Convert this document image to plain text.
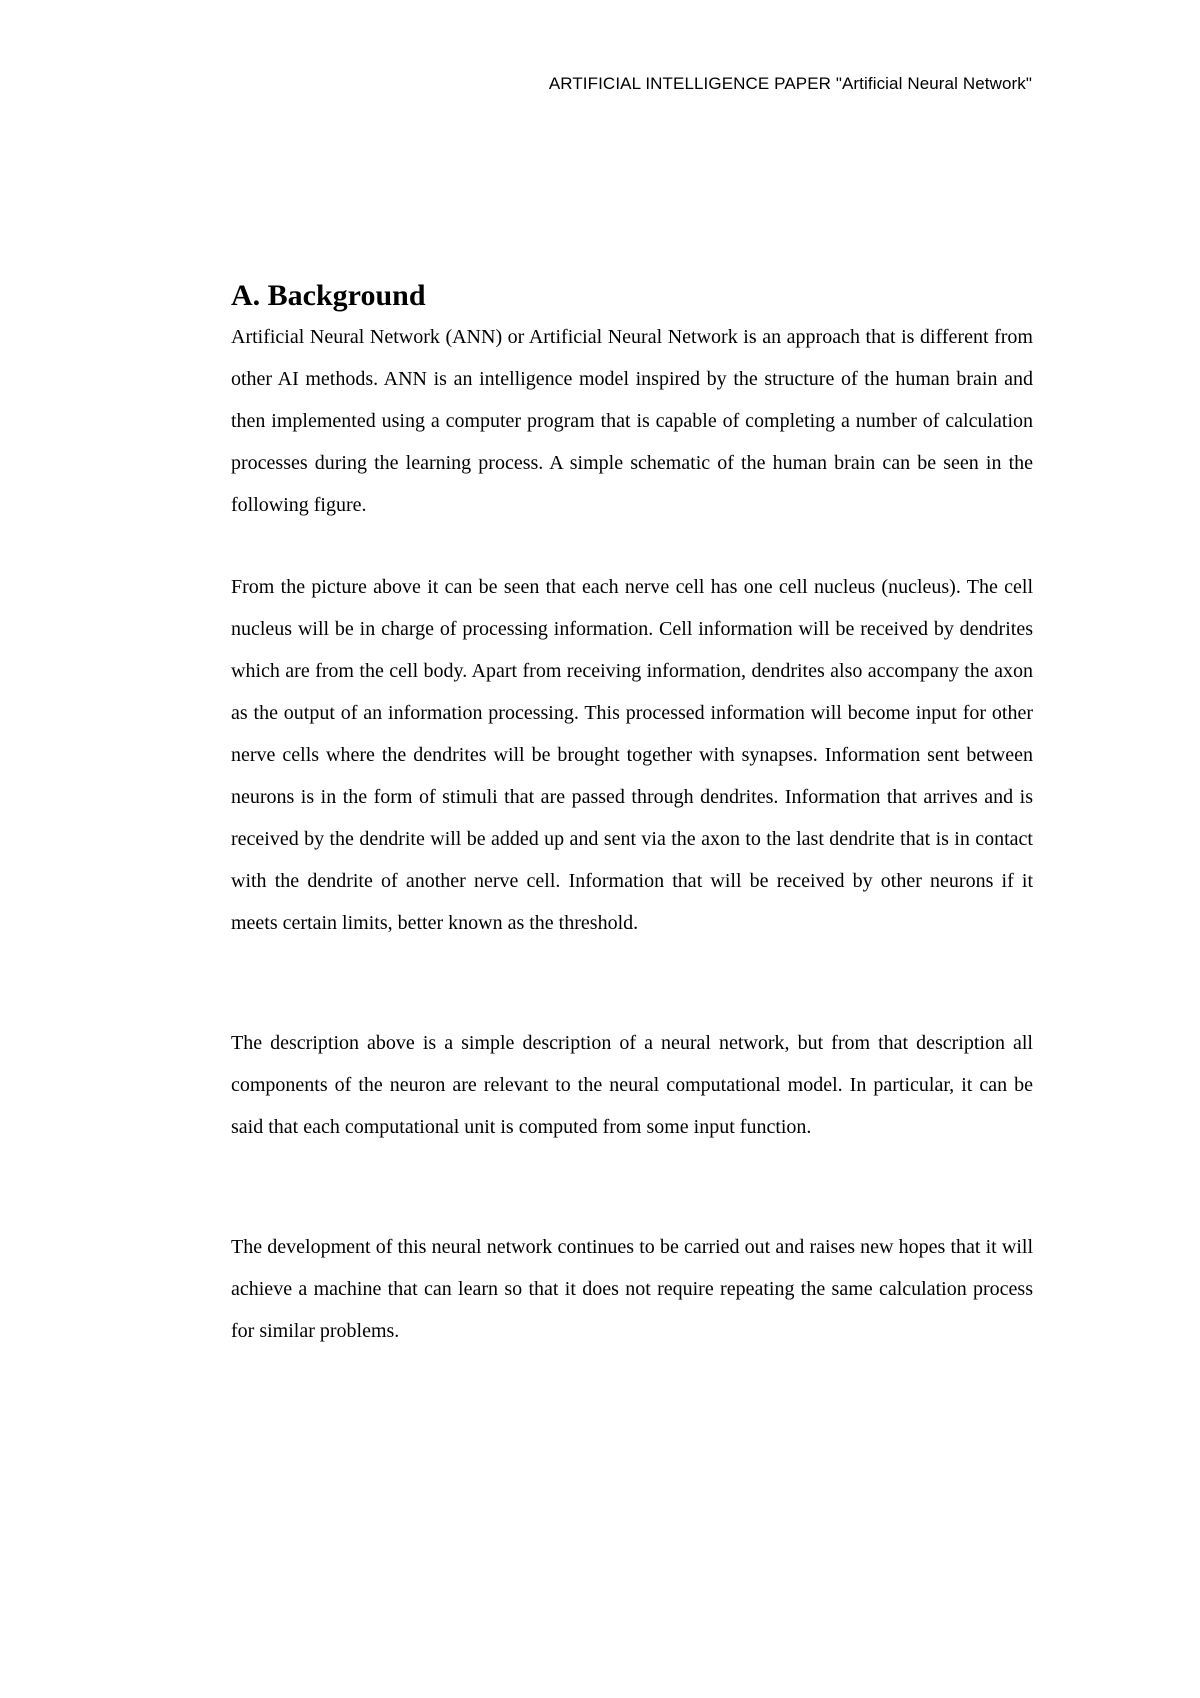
ARTIFICIAL INTELLIGENCE PAPER "Artificial Neural Network"
A. Background

Artificial Neural Network (ANN) or Artificial Neural Network is an approach that is different from other AI methods. ANN is an intelligence model inspired by the structure of the human brain and then implemented using a computer program that is capable of completing a number of calculation processes during the learning process. A simple schematic of the human brain can be seen in the following figure.

From the picture above it can be seen that each nerve cell has one cell nucleus (nucleus). The cell nucleus will be in charge of processing information. Cell information will be received by dendrites which are from the cell body. Apart from receiving information, dendrites also accompany the axon as the output of an information processing. This processed information will become input for other nerve cells where the dendrites will be brought together with synapses. Information sent between neurons is in the form of stimuli that are passed through dendrites. Information that arrives and is received by the dendrite will be added up and sent via the axon to the last dendrite that is in contact with the dendrite of another nerve cell. Information that will be received by other neurons if it meets certain limits, better known as the threshold.

The description above is a simple description of a neural network, but from that description all components of the neuron are relevant to the neural computational model. In particular, it can be said that each computational unit is computed from some input function.

The development of this neural network continues to be carried out and raises new hopes that it will achieve a machine that can learn so that it does not require repeating the same calculation process for similar problems.
